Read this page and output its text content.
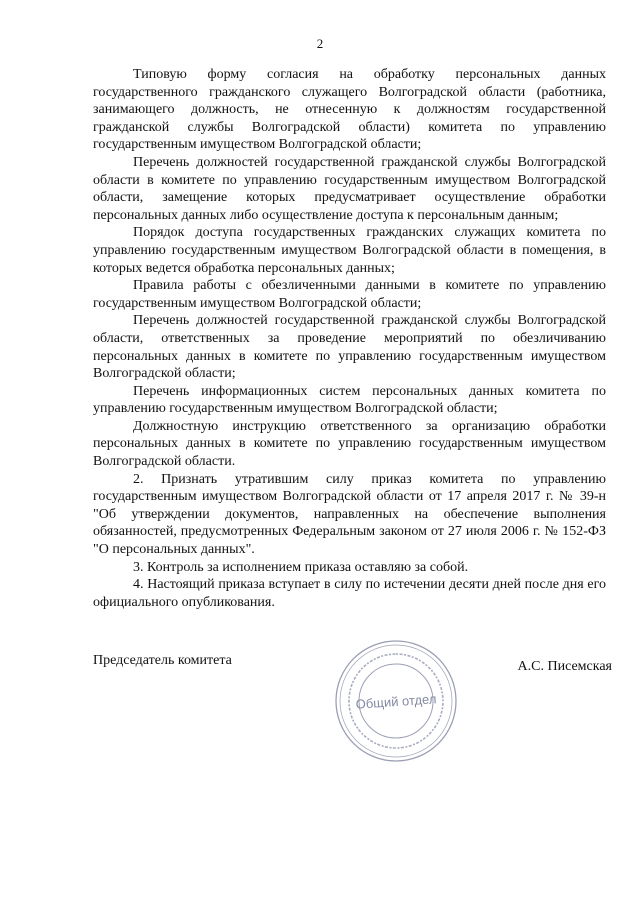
2

Типовую форму согласия на обработку персональных данных государственного гражданского служащего Волгоградской области (работника, занимающего должность, не отнесенную к должностям государственной гражданской службы Волгоградской области) комитета по управлению государственным имуществом Волгоградской области;

Перечень должностей государственной гражданской службы Волгоградской области в комитете по управлению государственным имуществом Волгоградской области, замещение которых предусматривает осуществление обработки персональных данных либо осуществление доступа к персональным данным;

Порядок доступа государственных гражданских служащих комитета по управлению государственным имуществом Волгоградской области в помещения, в которых ведется обработка персональных данных;

Правила работы с обезличенными данными в комитете по управлению государственным имуществом Волгоградской области;

Перечень должностей государственной гражданской службы Волгоградской области, ответственных за проведение мероприятий по обезличиванию персональных данных в комитете по управлению государственным имуществом Волгоградской области;

Перечень информационных систем персональных данных комитета по управлению государственным имуществом Волгоградской области;

Должностную инструкцию ответственного за организацию обработки персональных данных в комитете по управлению государственным имуществом Волгоградской области.

2. Признать утратившим силу приказ комитета по управлению государственным имуществом Волгоградской области от 17 апреля 2017 г. № 39-н "Об утверждении документов, направленных на обеспечение выполнения обязанностей, предусмотренных Федеральным законом от 27 июля 2006 г. № 152-ФЗ "О персональных данных".

3. Контроль за исполнением приказа оставляю за собой.

4. Настоящий приказа вступает в силу по истечении десяти дней после дня его официального опубликования.

Председатель комитета
Общий отдел
А.С. Писемская
